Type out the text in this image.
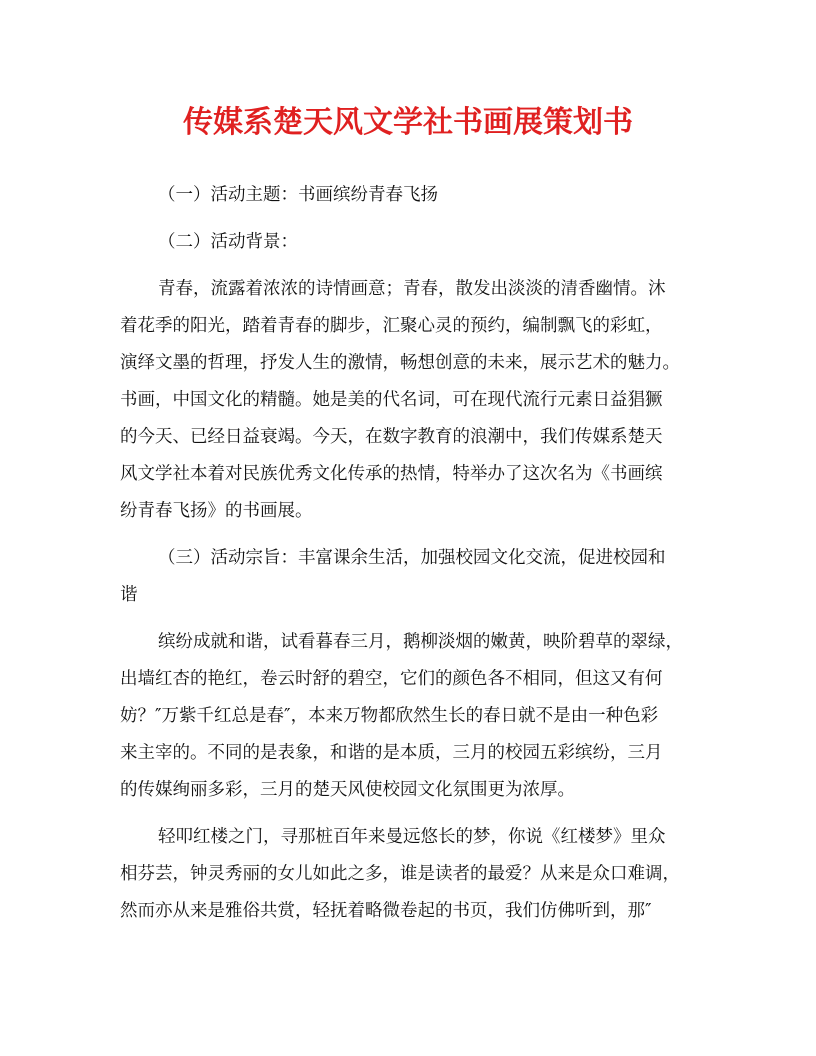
传媒系楚天风文学社书画展策划书
（一）活动主题：书画缤纷青春飞扬
（二）活动背景：
青春，流露着浓浓的诗情画意；青春，散发出淡淡的清香幽情。沐
着花季的阳光，踏着青春的脚步，汇聚心灵的预约，编制飘飞的彩虹，
演绎文墨的哲理，抒发人生的激情，畅想创意的未来，展示艺术的魅力。
书画，中国文化的精髓。她是美的代名词，可在现代流行元素日益猖獗
的今天、已经日益衰竭。今天，在数字教育的浪潮中，我们传媒系楚天
风文学社本着对民族优秀文化传承的热情，特举办了这次名为《书画缤
纷青春飞扬》的书画展。
（三）活动宗旨：丰富课余生活，加强校园文化交流，促进校园和
谐
缤纷成就和谐，试看暮春三月，鹅柳淡烟的嫩黄，映阶碧草的翠绿，
出墙红杏的艳红，卷云时舒的碧空，它们的颜色各不相同，但这又有何
妨？″万紫千红总是春″，本来万物都欣然生长的春日就不是由一种色彩
来主宰的。不同的是表象，和谐的是本质，三月的校园五彩缤纷，三月
的传媒绚丽多彩，三月的楚天风使校园文化氛围更为浓厚。
轻叩红楼之门，寻那桩百年来曼远悠长的梦，你说《红楼梦》里众
相芬芸，钟灵秀丽的女儿如此之多，谁是读者的最爱？从来是众口难调，
然而亦从来是雅俗共赏，轻抚着略微卷起的书页，我们仿佛听到，那″
